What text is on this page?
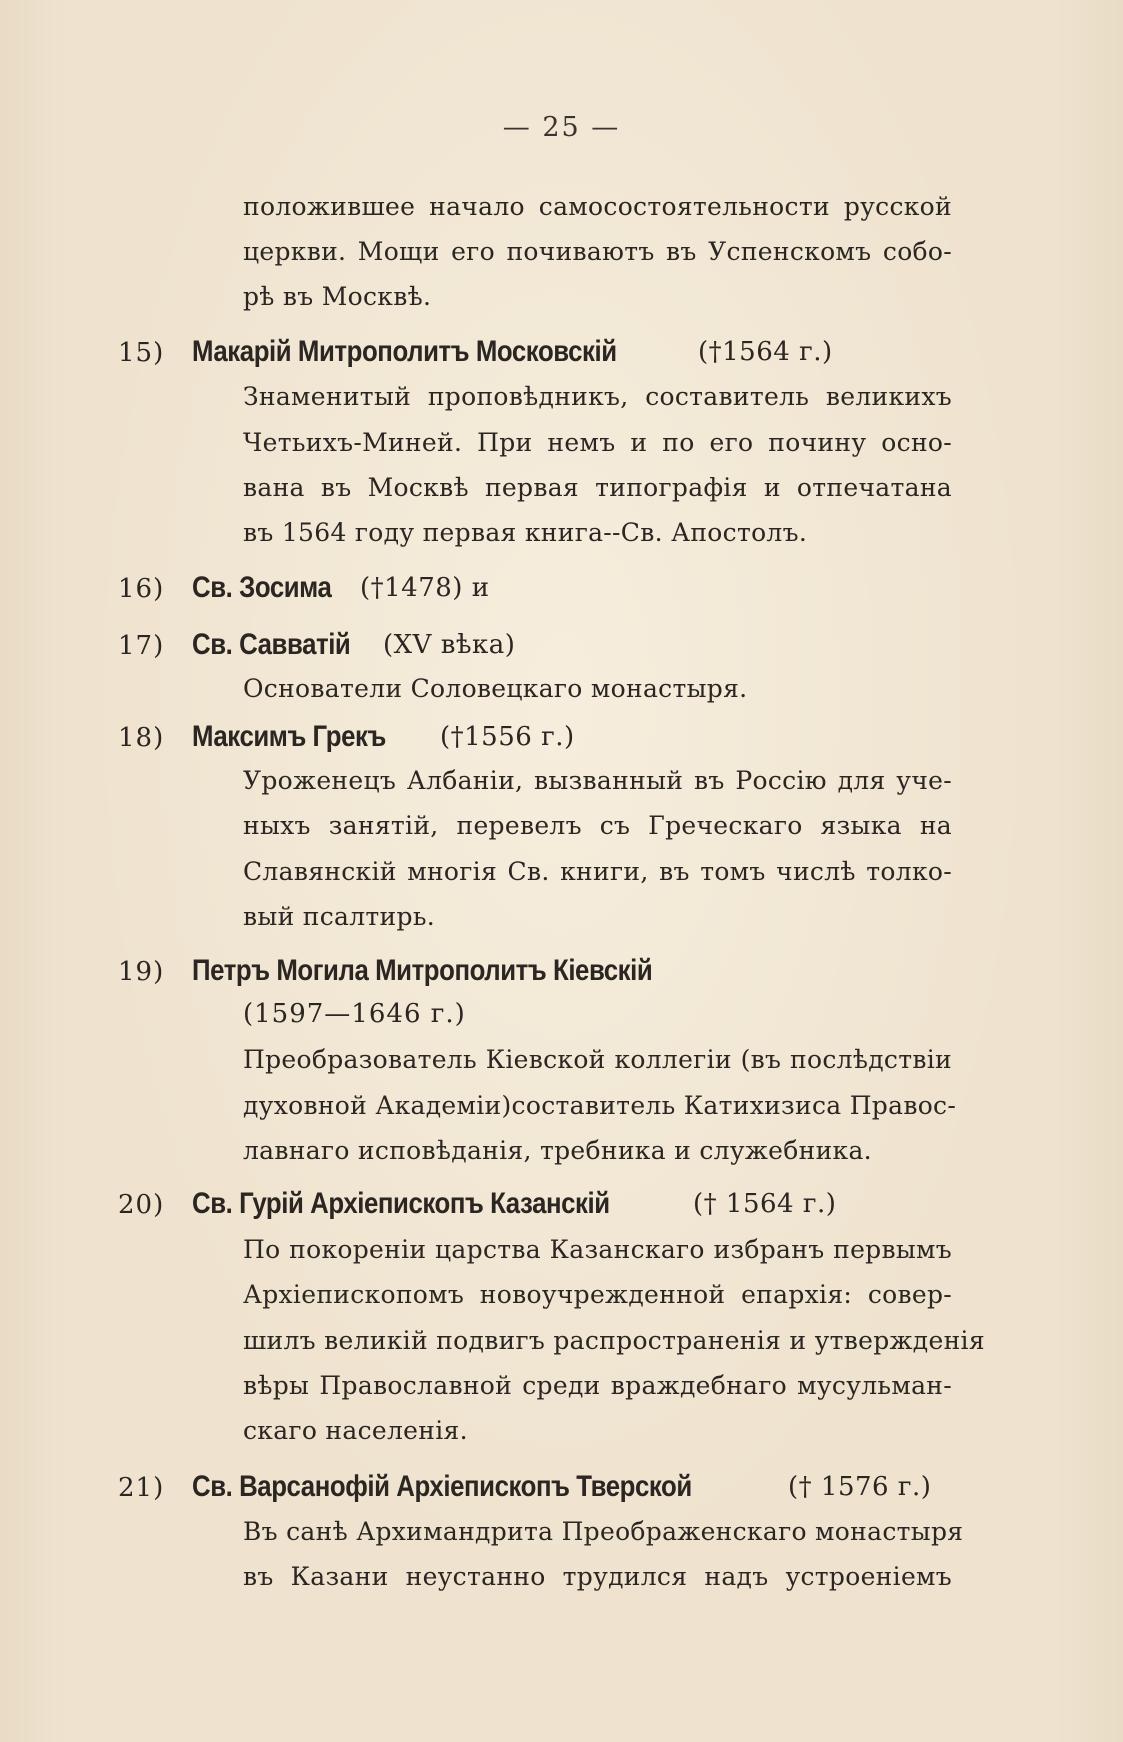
— 25 —
положившее начало самосостоятельности русской
церкви. Мощи его почиваютъ въ Успенскомъ собо-
рѣ въ Москвѣ.
15) Макарій Митрополитъ Московскій	(†1564 г.)
Знаменитый проповѣдникъ, составитель великихъ
Четьихъ-Миней. При немъ и по его почину осно-
вана въ Москвѣ первая типографія и отпечатана
въ 1564 году первая книга--Св. Апостолъ.
16) Св. Зосима (†1478) и
17) Св. Савватій (XV вѣка)
Основатели Соловецкаго монастыря.
18) Максимъ Грекъ (†1556 г.)
Уроженецъ Албаніи, вызванный въ Россію для уче-
ныхъ занятій, перевелъ съ Греческаго языка на
Славянскій многія Св. книги, въ томъ числѣ толко-
вый псалтирь.
19) Петръ Могила Митрополитъ Кіевскій
(1597—1646 г.)
Преобразователь Кіевской коллегіи (въ послѣдствіи
духовной Академіи)составитель Катихизиса Правос-
лавнаго исповѣданія, требника и служебника.
20) Св. Гурій Архіепископъ Казанскій	(† 1564 г.)
По покореніи царства Казанскаго избранъ первымъ
Архіепископомъ новоучрежденной епархія: совер-
шилъ великій подвигъ распространенія и утвержденія
вѣры Православной среди враждебнаго мусульман-
скаго населенія.
21) Св. Варсанофій Архіепископъ Тверской	(† 1576 г.)
Въ санѣ Архимандрита Преображенскаго монастыря
въ Казани неустанно трудился надъ устроеніемъ
